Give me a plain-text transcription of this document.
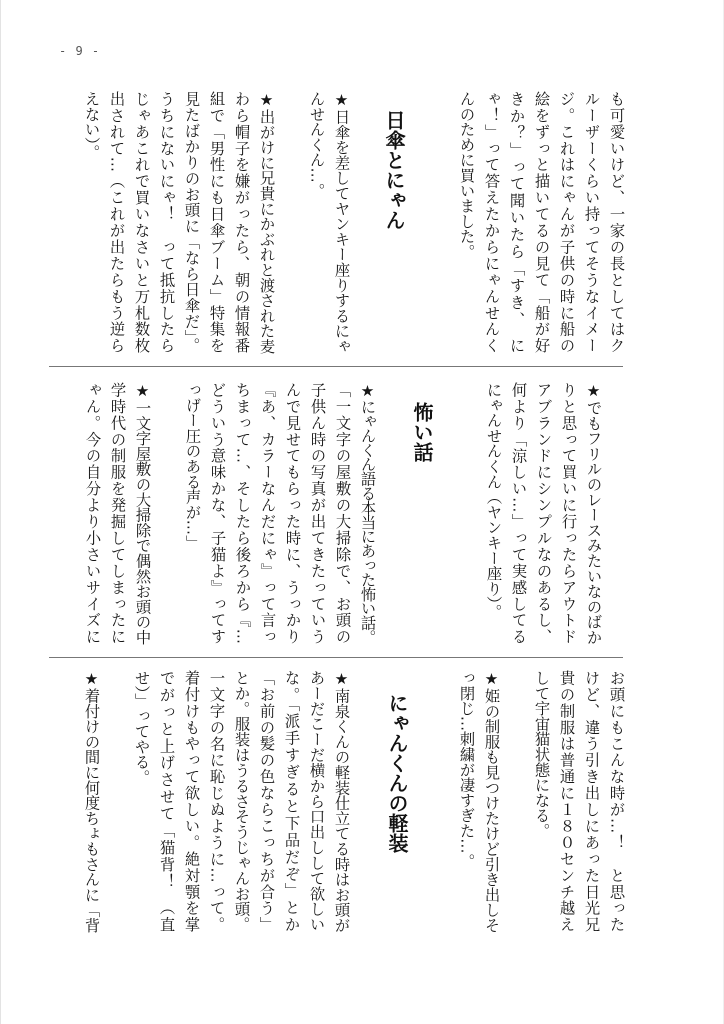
- 9 -
も可愛いけど、一家の長としてはク
ルーザーくらい持ってそうなイメー
ジ。これはにゃんが子供の時に船の
絵をずっと描いてるの見て「船が好
きか？」って聞いたら「すき、　に
ゃ！」って答えたからにゃんせんく
んのために買いました。
日傘とにゃん
★日傘を差してヤンキー座りするにゃ
んせんくん…。
★出がけに兄貴にかぶれと渡された麦
わら帽子を嫌がったら、朝の情報番
組で「男性にも日傘ブーム」特集を
見たばかりのお頭に「なら日傘だ」。
うちにないにゃ！　って抵抗したら
じゃあこれで買いなさいと万札数枚
出されて…（これが出たらもう逆ら
えない）。
★でもフリルのレースみたいなのばか
りと思って買いに行ったらアウトド
アブランドにシンプルなのあるし、
何より「涼しい…」って実感してる
にゃんせんくん（ヤンキー座り）。
怖い話
★にゃんくん語る本当にあった怖い話。
「一文字の屋敷の大掃除で、お頭の
子供ん時の写真が出てきたっていう
んで見せてもらった時に、うっかり
『あ、カラーなんだにゃ』って言っ
ちまって…、そしたら後ろから『…
どういう意味かな、子猫よ』ってす
っげー圧のある声が…」
★一文字屋敷の大掃除で偶然お頭の中
学時代の制服を発掘してしまったに
ゃん。今の自分より小さいサイズに
お頭にもこんな時が…！　と思った
けど、違う引き出しにあった日光兄
貴の制服は普通に１８０センチ越え
して宇宙猫状態になる。
★姫の制服も見つけたけど引き出しそ
っ閉じ…刺繍が凄すぎた…。
にゃんくんの軽装
★南泉くんの軽装仕立てる時はお頭が
あーだこーだ横から口出しして欲しい
な。「派手すぎると下品だぞ」とか
「お前の髪の色ならこっちが合う」
とか。服装はうるさそうじゃんお頭。
一文字の名に恥じぬように…って。
着付けもやって欲しい。絶対顎を掌
でがっと上げさせて「猫背！　（直
せ）」ってやる。
★着付けの間に何度ちょもさんに「背
